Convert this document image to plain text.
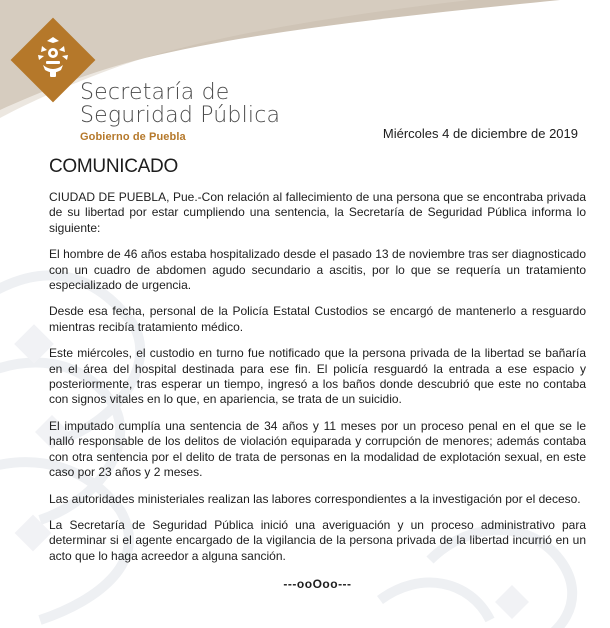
Secretaría de
Seguridad Pública
Gobierno de Puebla	Miércoles 4 de diciembre de 2019
COMUNICADO

CIUDAD DE PUEBLA, Pue.-Con relación al fallecimiento de una persona que se encontraba privada de su libertad por estar cumpliendo una sentencia, la Secretaría de Seguridad Pública informa lo siguiente:

El hombre de 46 años estaba hospitalizado desde el pasado 13 de noviembre tras ser diagnosticado con un cuadro de abdomen agudo secundario a ascitis, por lo que se requería un tratamiento especializado de urgencia.

Desde esa fecha, personal de la Policía Estatal Custodios se encargó de mantenerlo a resguardo mientras recibía tratamiento médico.

Este miércoles, el custodio en turno fue notificado que la persona privada de la libertad se bañaría en el área del hospital destinada para ese fin. El policía resguardó la entrada a ese espacio y posteriormente, tras esperar un tiempo, ingresó a los baños donde descubrió que este no contaba con signos vitales en lo que, en apariencia, se trata de un suicidio.

El imputado cumplía una sentencia de 34 años y 11 meses por un proceso penal en el que se le halló responsable de los delitos de violación equiparada y corrupción de menores; además contaba con otra sentencia por el delito de trata de personas en la modalidad de explotación sexual, en este caso por 23 años y 2 meses.

Las autoridades ministeriales realizan las labores correspondientes a la investigación por el deceso.

La Secretaría de Seguridad Pública inició una averiguación y un proceso administrativo para determinar si el agente encargado de la vigilancia de la persona privada de la libertad incurrió en un acto que lo haga acreedor a alguna sanción.

---ooOoo---
